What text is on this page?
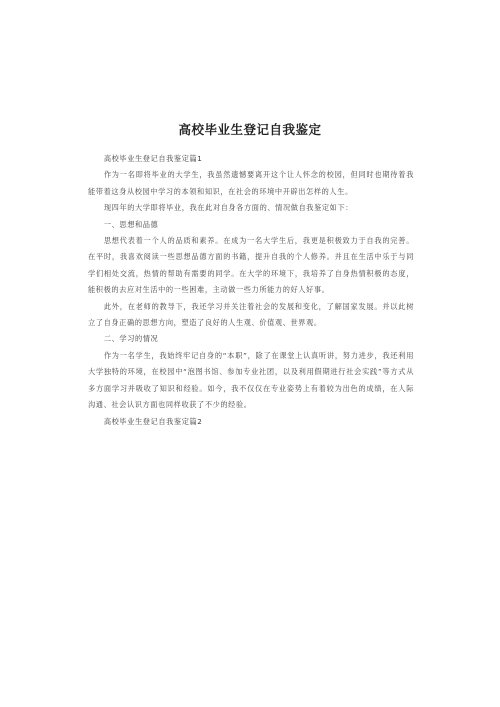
高校毕业生登记自我鉴定

高校毕业生登记自我鉴定篇1

作为一名即将毕业的大学生，我虽然遗憾要离开这个让人怀念的校园，但同时也期待着我能带着这身从校园中学习的本领和知识，在社会的环境中开辟出怎样的人生。

现四年的大学即将毕业，我在此对自身各方面的、情况做自我鉴定如下：

一、思想和品德

思想代表着一个人的品质和素养。在成为一名大学生后，我更是积极致力于自我的完善。在平时，我喜欢阅读一些思想品德方面的书籍，提升自我的个人修养。并且在生活中乐于与同学们相处交流，热情的帮助有需要的同学。在大学的环境下，我培养了自身热情积极的态度，能积极的去应对生活中的一些困难，主动做一些力所能力的好人好事。

此外，在老师的教导下，我还学习并关注着社会的发展和变化，了解国家发展。并以此树立了自身正确的思想方向，塑造了良好的人生观、价值观、世界观。

二、学习的情况

作为一名学生，我始终牢记自身的“本职”，除了在课堂上认真听讲，努力进步，我还利用大学独特的环境，在校园中“泡图书馆、参加专业社团，以及利用假期进行社会实践”等方式从多方面学习并吸收了知识和经验。如今，我不仅仅在专业姿势上有着较为出色的成绩，在人际沟通、社会认识方面也同样收获了不少的经验。

高校毕业生登记自我鉴定篇2
